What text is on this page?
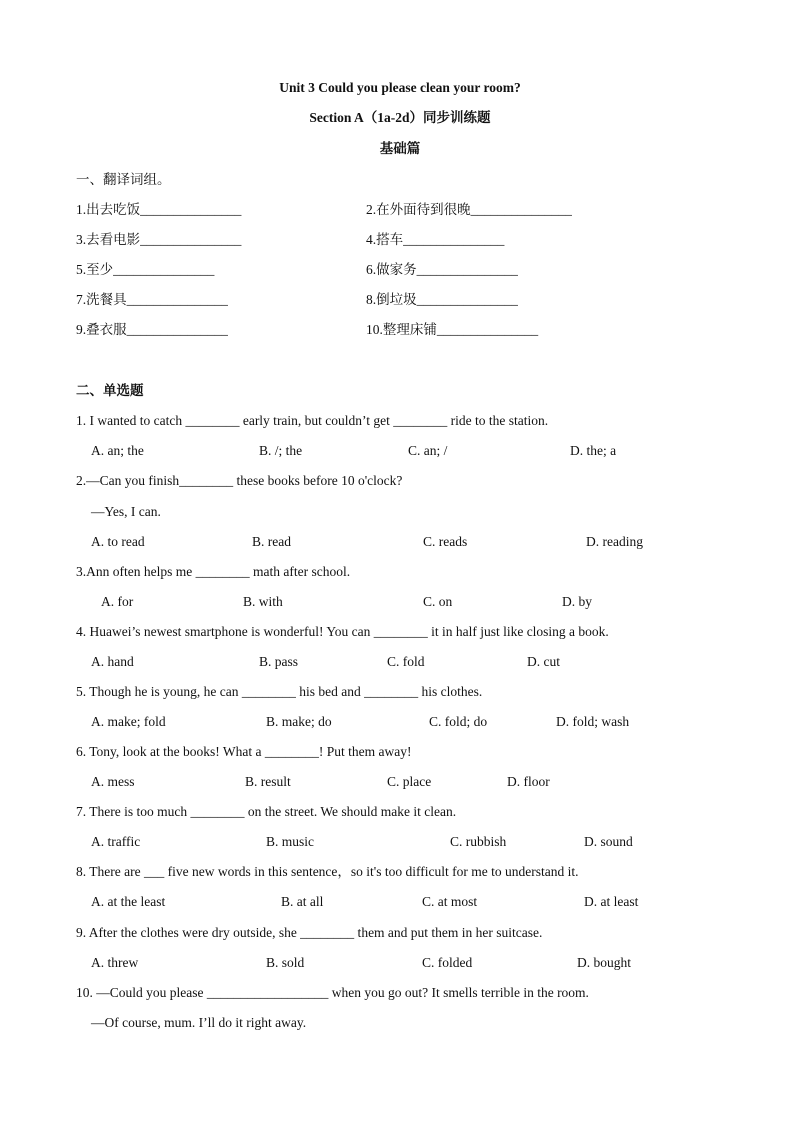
Unit 3 Could you please clean your room?
Section A（1a-2d）同步训练题
基础篇
一、翻译词组。
1.出去吃饭_______________	2.在外面待到很晚_______________
3.去看电影_______________	4.搭车_______________
5.至少_______________	6.做家务_______________
7.洗餐具_______________	8.倒垃圾_______________
9.叠衣服_______________	10.整理床铺_______________
二、单选题
1. I wanted to catch ________ early train, but couldn’t get ________ ride to the station.
A. an; the	B. /; the	C. an; /	D. the; a
2.—Can you finish________ these books before 10 o'clock?
—Yes, I can.
A. to read	B. read	C. reads	D. reading
3.Ann often helps me ________ math after school.
A. for	B. with	C. on	D. by
4. Huawei’s newest smartphone is wonderful! You can ________ it in half just like closing a book.
A. hand	B. pass	C. fold	D. cut
5. Though he is young, he can ________ his bed and ________ his clothes.
A. make; fold	B. make; do	C. fold; do	D. fold; wash
6. Tony, look at the books! What a ________! Put them away!
A. mess	B. result	C. place	D. floor
7. There is too much ________ on the street. We should make it clean.
A. traffic	B. music	C. rubbish	D. sound
8. There are ___ five new words in this sentence，so it's too difficult for me to understand it.
A. at the least	B. at all	C. at most	D. at least
9. After the clothes were dry outside, she ________ them and put them in her suitcase.
A. threw	B. sold	C. folded	D. bought
10. —Could you please __________________ when you go out? It smells terrible in the room.
—Of course, mum. I’ll do it right away.
